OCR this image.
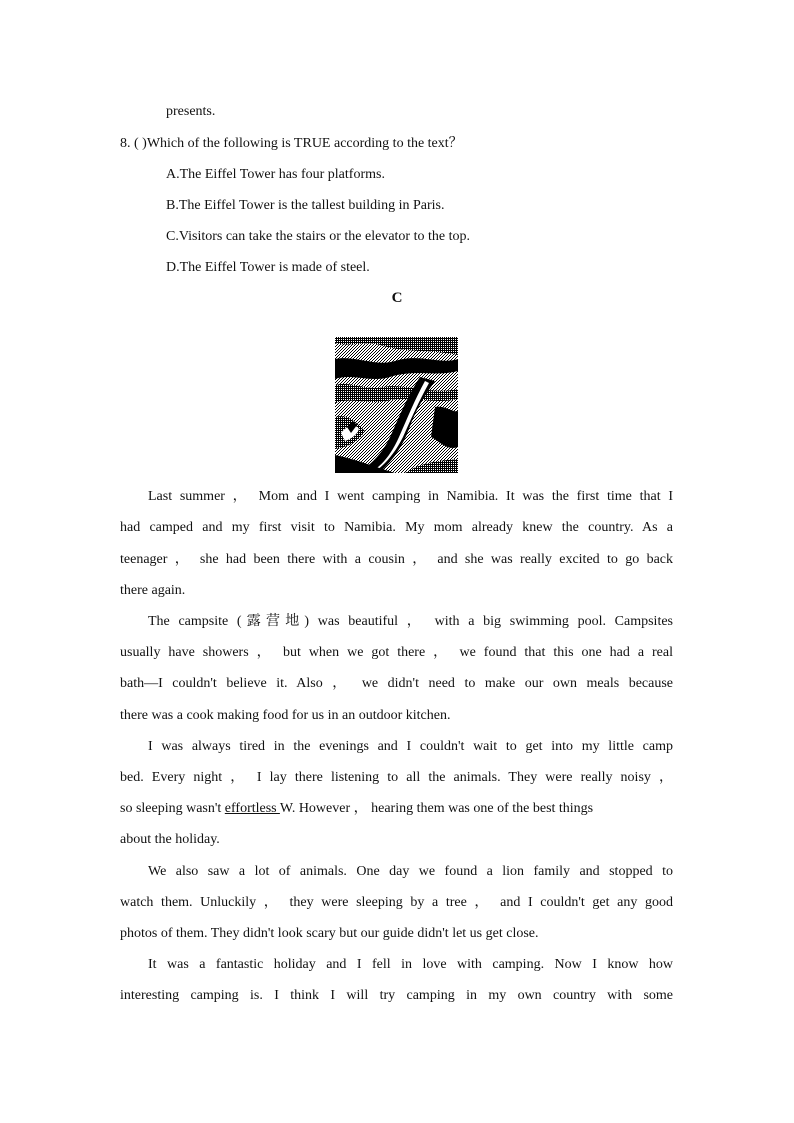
presents.
8. ( )Which of the following is TRUE according to the text？
A.The Eiffel Tower has four platforms.
B.The Eiffel Tower is the tallest building in Paris.
C.Visitors can take the stairs or the elevator to the top.
D.The Eiffel Tower is made of steel.
C
Last summer ， Mom and I went camping in Namibia. It was the first time that I
had camped and my first visit to Namibia. My mom already knew the country. As a
teenager ， she had been there with a cousin ， and she was really excited to go back
there again.
The campsite (露营地) was beautiful ， with a big swimming pool. Campsites
usually have showers ， but when we got there ， we found that this one had a real
bath—I couldn't believe it. Also ， we didn't need to make our own meals because
there was a cook making food for us in an outdoor kitchen.
I was always tired in the evenings and I couldn't wait to get into my little camp
bed. Every night ， I lay there listening to all the animals. They were really noisy ，
so sleeping wasn't effortless W. However ， hearing them was one of the best things
about the holiday.
We also saw a lot of animals. One day we found a lion family and stopped to
watch them. Unluckily ， they were sleeping by a tree ， and I couldn't get any good
photos of them. They didn't look scary but our guide didn't let us get close.
It was a fantastic holiday and I fell in love with camping. Now I know how
interesting camping is. I think I will try camping in my own country with some
